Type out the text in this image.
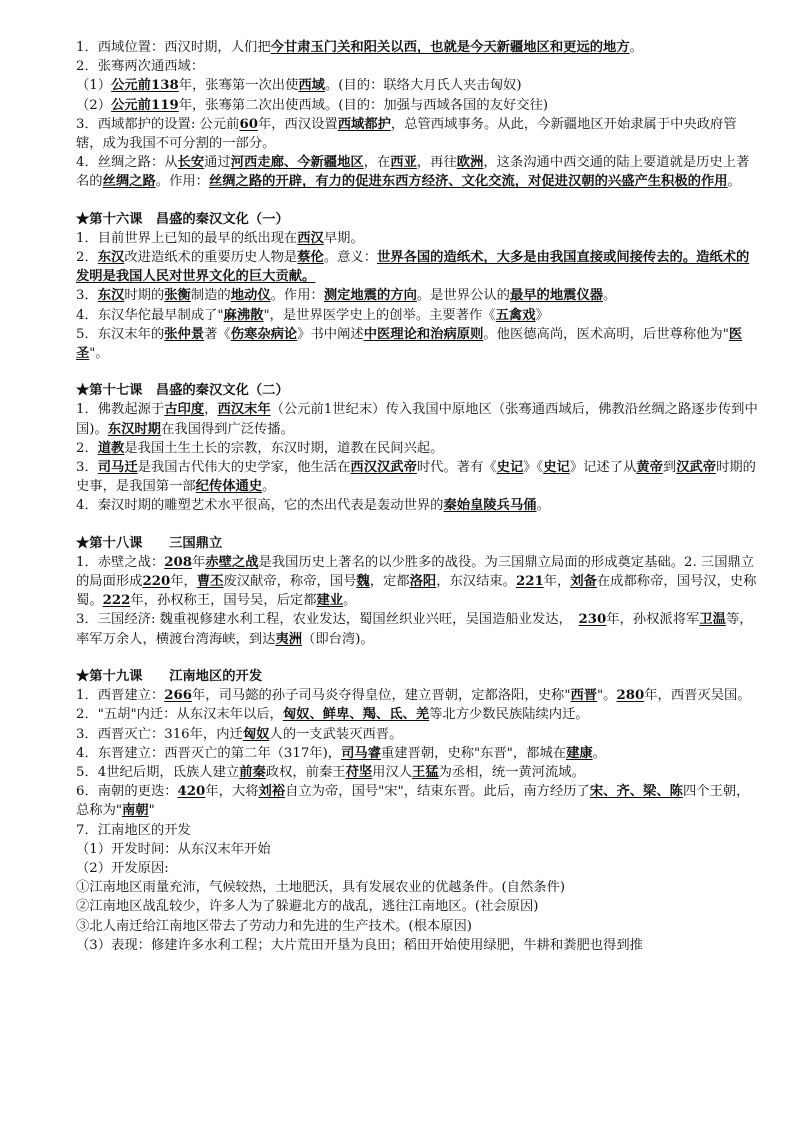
1．西域位置：西汉时期，人们把今甘肃玉门关和阳关以西，也就是今天新疆地区和更远的地方。
2．张骞两次通西域：
（1）公元前138年，张骞第一次出使西域。(目的：联络大月氏人夹击匈奴)
（2）公元前119年，张骞第二次出使西域。(目的：加强与西域各国的友好交往)
3．西域都护的设置: 公元前60年，西汉设置西域都护，总管西域事务。从此，今新疆地区开始隶属于中央政府管辖，成为我国不可分割的一部分。
4．丝绸之路：从长安通过河西走廊、今新疆地区，在西亚，再往欧洲，这条沟通中西交通的陆上要道就是历史上著名的丝绸之路。作用：丝绸之路的开辟，有力的促进东西方经济、文化交流，对促进汉朝的兴盛产生积极的作用。
★第十六课　昌盛的秦汉文化（一）
1．目前世界上已知的最早的纸出现在西汉早期。
2．东汉改进造纸术的重要历史人物是蔡伦。意义：世界各国的造纸术，大多是由我国直接或间接传去的。造纸术的发明是我国人民对世界文化的巨大贡献。
3．东汉时期的张衡制造的地动仪。作用：测定地震的方向。是世界公认的最早的地震仪器。
4．东汉华佗最早制成了"麻沸散"，是世界医学史上的创举。主要著作《五禽戏》
5．东汉末年的张仲景著《伤寒杂病论》书中阐述中医理论和治病原则。他医德高尚，医术高明，后世尊称他为"医圣"。
★第十七课　昌盛的秦汉文化（二）
1．佛教起源于古印度，西汉末年（公元前1世纪末）传入我国中原地区（张骞通西域后，佛教沿丝绸之路逐步传到中国)。东汉时期在我国得到广泛传播。
2．道教是我国土生土长的宗教，东汉时期，道教在民间兴起。
3．司马迁是我国古代伟大的史学家，他生活在西汉汉武帝时代。著有《史记》《史记》记述了从黄帝到汉武帝时期的史事，是我国第一部纪传体通史。
4．秦汉时期的雕塑艺术水平很高，它的杰出代表是轰动世界的秦始皇陵兵马俑。
★第十八课　　三国鼎立
1．赤壁之战：208年赤壁之战是我国历史上著名的以少胜多的战役。为三国鼎立局面的形成奠定基础。2. 三国鼎立的局面形成220年，曹丕废汉献帝，称帝，国号魏，定都洛阳，东汉结束。221年，刘备在成都称帝，国号汉，史称蜀。222年，孙权称王，国号吴，后定都建业。
3．三国经济: 魏重视修建水利工程，农业发达，蜀国丝织业兴旺，吴国造船业发达，　230年，孙权派将军卫温等，率军万余人，横渡台湾海峡，到达夷洲（即台湾)。
★第十九课　　江南地区的开发
1．西晋建立：266年，司马懿的孙子司马炎夺得皇位，建立晋朝，定都洛阳，史称"西晋"。280年，西晋灭吴国。
2．"五胡"内迁：从东汉末年以后，匈奴、鲜卑、羯、氐、羌等北方少数民族陆续内迁。
3．西晋灭亡：316年，内迁匈奴人的一支武装灭西晋。
4．东晋建立：西晋灭亡的第二年（317年)，司马睿重建晋朝，史称"东晋"，都城在建康。
5．4世纪后期，氐族人建立前秦政权，前秦王苻坚用汉人王猛为丞相，统一黄河流域。
6．南朝的更迭：420年，大将刘裕自立为帝，国号"宋"，结束东晋。此后，南方经历了宋、齐、梁、陈四个王朝，总称为"南朝"
7．江南地区的开发
（1）开发时间：从东汉末年开始
（2）开发原因:
①江南地区雨量充沛，气候较热，土地肥沃，具有发展农业的优越条件。(自然条件)
②江南地区战乱较少，许多人为了躲避北方的战乱，逃往江南地区。(社会原因)
③北人南迁给江南地区带去了劳动力和先进的生产技术。(根本原因)
（3）表现：修建许多水利工程；大片荒田开垦为良田；稻田开始使用绿肥，牛耕和粪肥也得到推
